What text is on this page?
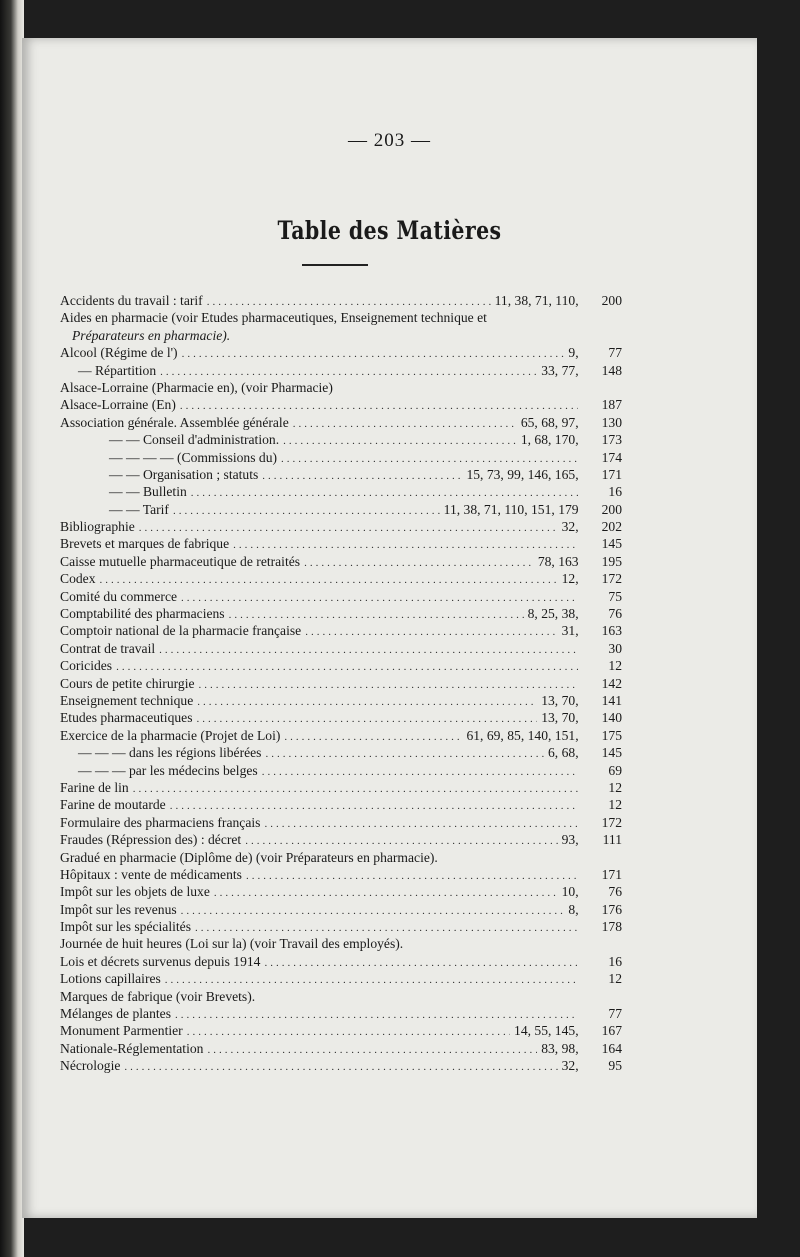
— 203 —
Table des Matières
Accidents du travail : tarif .....	11, 38, 71, 110, 200
Aides en pharmacie (voir Etudes pharmaceutiques, Enseignement technique et
Préparateurs en pharmacie).
Alcool (Régime de l') .....	9, 77
— Répartition .....	33, 77, 148
Alsace-Lorraine (Pharmacie en), (voir Pharmacie)
Alsace-Lorraine (En) .....	187
Association générale. Assemblée générale .....	65, 68, 97, 130
— — Conseil d'administration. .....	1, 68, 170, 173
— — — — (Commissions du) .....	174
— — Organisation ; statuts .....	15, 73, 99, 146, 165, 171
— — Bulletin .....	16
— — Tarif .....	11, 38, 71, 110, 151, 179 200
Bibliographie .....	32, 202
Brevets et marques de fabrique .....	145
Caisse mutuelle pharmaceutique de retraités .....	78, 163 195
Codex .....	12, 172
Comité du commerce .....	75
Comptabilité des pharmaciens .....	8, 25, 38, 76
Comptoir national de la pharmacie française .....	31, 163
Contrat de travail .....	30
Coricides .....	12
Cours de petite chirurgie .....	142
Enseignement technique .....	13, 70, 141
Etudes pharmaceutiques .....	13, 70, 140
Exercice de la pharmacie (Projet de Loi) .....	61, 69, 85, 140, 151, 175
— — — dans les régions libérées .....	6, 68, 145
— — — par les médecins belges .....	69
Farine de lin .....	12
Farine de moutarde .....	12
Formulaire des pharmaciens français .....	172
Fraudes (Répression des) : décret .....	93, 111
Gradué en pharmacie (Diplôme de) (voir Préparateurs en pharmacie).
Hôpitaux : vente de médicaments .....	171
Impôt sur les objets de luxe .....	10, 76
Impôt sur les revenus .....	8, 176
Impôt sur les spécialités .....	178
Journée de huit heures (Loi sur la) (voir Travail des employés).
Lois et décrets survenus depuis 1914 .....	16
Lotions capillaires .....	12
Marques de fabrique (voir Brevets).
Mélanges de plantes .....	77
Monument Parmentier .....	14, 55, 145, 167
Nationale-Réglementation .....	83, 98, 164
Nécrologie .....	32, 95
